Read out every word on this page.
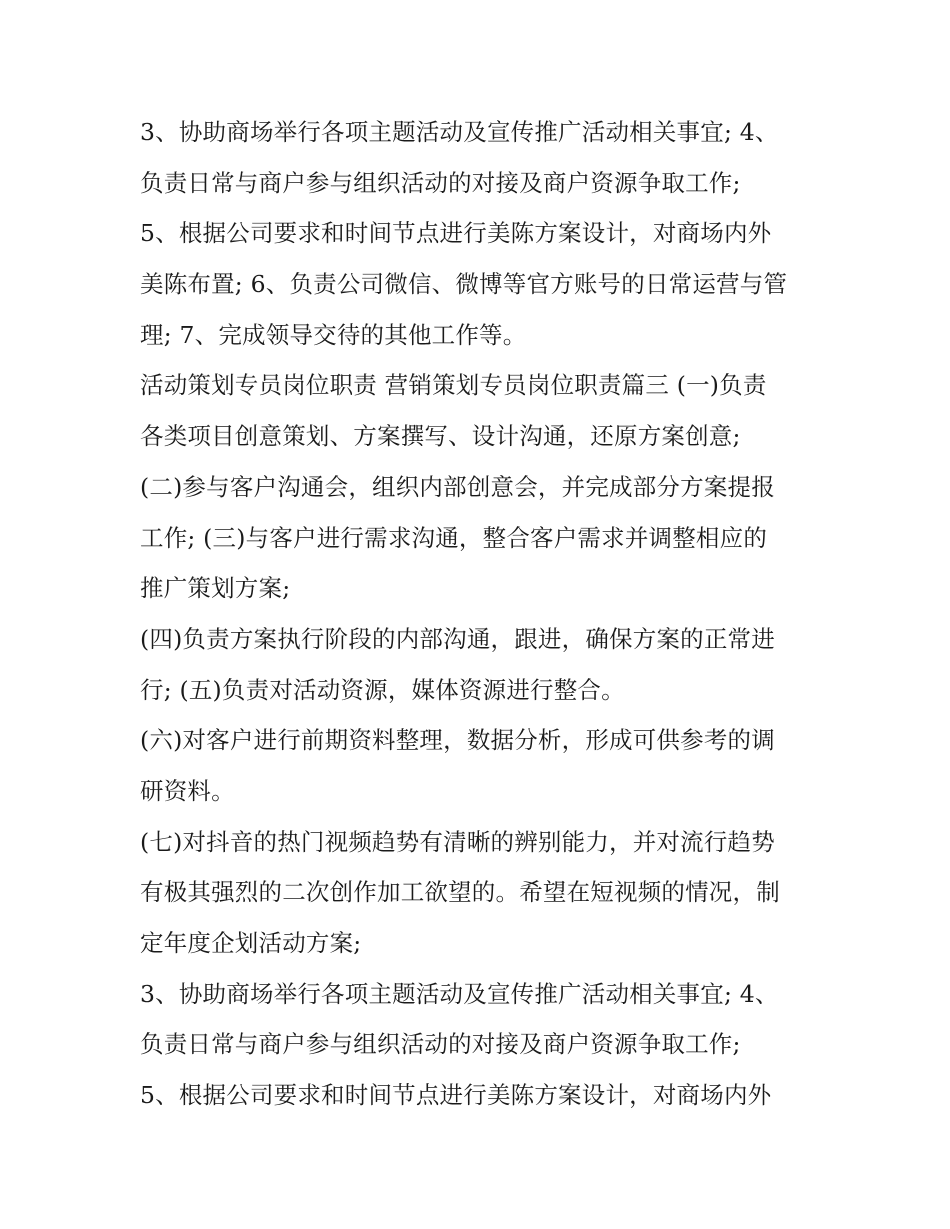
3、协助商场举行各项主题活动及宣传推广活动相关事宜; 4、
负责日常与商户参与组织活动的对接及商户资源争取工作;
5、根据公司要求和时间节点进行美陈方案设计，对商场内外
美陈布置; 6、负责公司微信、微博等官方账号的日常运营与管
理; 7、完成领导交待的其他工作等。
活动策划专员岗位职责 营销策划专员岗位职责篇三 (一)负责
各类项目创意策划、方案撰写、设计沟通，还原方案创意;
(二)参与客户沟通会，组织内部创意会，并完成部分方案提报
工作; (三)与客户进行需求沟通，整合客户需求并调整相应的
推广策划方案;
(四)负责方案执行阶段的内部沟通，跟进，确保方案的正常进
行; (五)负责对活动资源，媒体资源进行整合。
(六)对客户进行前期资料整理，数据分析，形成可供参考的调
研资料。
(七)对抖音的热门视频趋势有清晰的辨别能力，并对流行趋势
有极其强烈的二次创作加工欲望的。希望在短视频的情况，制
定年度企划活动方案;
3、协助商场举行各项主题活动及宣传推广活动相关事宜; 4、
负责日常与商户参与组织活动的对接及商户资源争取工作;
5、根据公司要求和时间节点进行美陈方案设计，对商场内外
